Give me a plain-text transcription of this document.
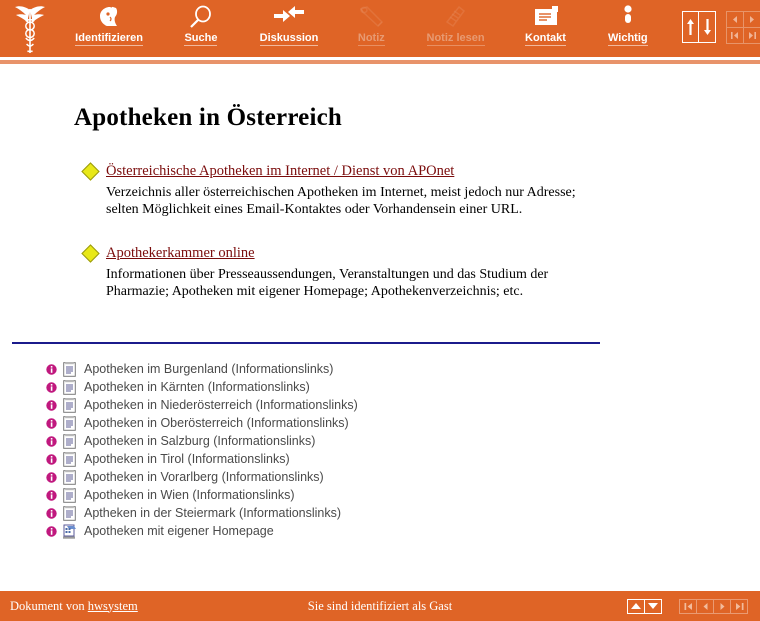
Identifizieren	Suche	Diskussion	Notiz	Notiz lesen	Kontakt	Wichtig
Apotheken in Österreich
Österreichische Apotheken im Internet / Dienst von APOnet

Verzeichnis aller österreichischen Apotheken im Internet, meist jedoch nur Adresse; selten Möglichkeit eines Email-Kontaktes oder Vorhandensein einer URL.

Apothekerkammer online

Informationen über Presseaussendungen, Veranstaltungen und das Studium der Pharmazie; Apotheken mit eigener Homepage; Apothekenverzeichnis; etc.

Apotheken im Burgenland (Informationslinks)
Apotheken in Kärnten (Informationslinks)
Apotheken in Niederösterreich (Informationslinks)
Apotheken in Oberösterreich (Informationslinks)
Apotheken in Salzburg (Informationslinks)
Apotheken in Tirol (Informationslinks)
Apotheken in Vorarlberg (Informationslinks)
Apotheken in Wien (Informationslinks)
Aptheken in der Steiermark (Informationslinks)
Apotheken mit eigener Homepage
Dokument von hwsystem	Sie sind identifiziert als Gast
